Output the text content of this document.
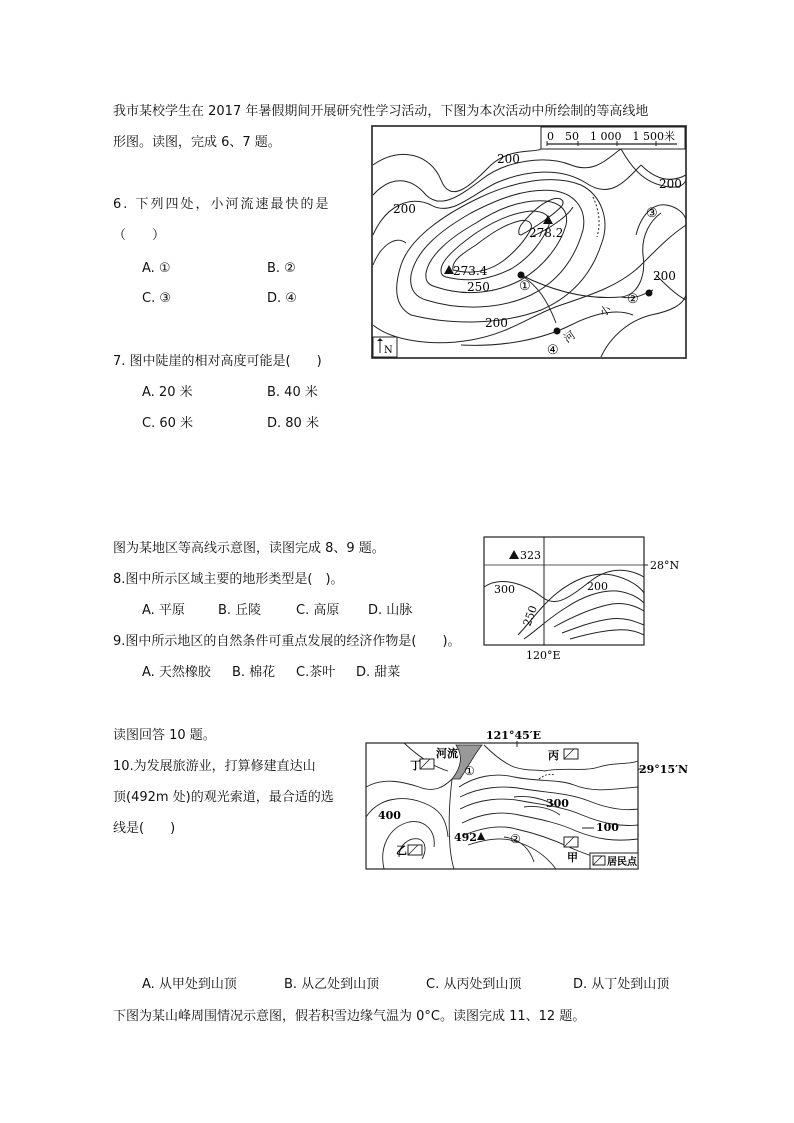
我市某校学生在 2017 年暑假期间开展研究性学习活动，下图为本次活动中所绘制的等高线地
形图。读图，完成 6、7 题。
6. 下列四处，小河流速最快的是
（　　）
A. ①	B. ②
C. ③	D. ④
7. 图中陡崖的相对高度可能是(　　)
A. 20 米	B. 40 米
C. 60 米	D. 80 米
0　50　1 000　1 500米
273.4
278.2
200
200
200
200
250
200
①
②
③
④
小
河
N
图为某地区等高线示意图，读图完成 8、9 题。
8.图中所示区域主要的地形类型是(　)。
A. 平原	B. 丘陵	C. 高原 D. 山脉
9.图中所示地区的自然条件可重点发展的经济作物是(　　)。
A. 天然橡胶 B. 棉花 C.茶叶 D. 甜菜
28°N
120°E
323
300	200
250
读图回答 10 题。
10.为发展旅游业，打算修建直达山
顶(492m 处)的观光索道，最合适的选
线是(　　)
121°45′E
29°15′N
河流
丁
丙
乙
甲
①
②
400
300
100
492
居民点
A. 从甲处到山顶	B. 从乙处到山顶	C. 从丙处到山顶	D. 从丁处到山顶
下图为某山峰周围情况示意图，假若积雪边缘气温为 0°C。读图完成 11、12 题。
